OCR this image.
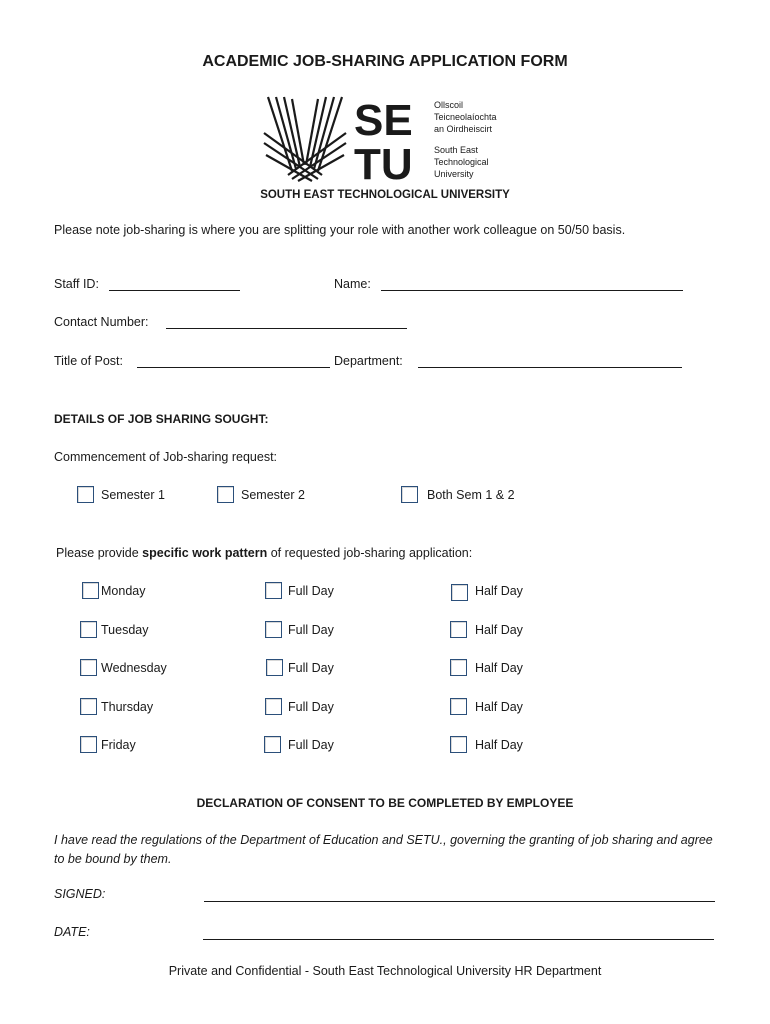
ACADEMIC JOB-SHARING APPLICATION FORM
SE
TU
Ollscoil
Teicneolaíochta
an Oirdheiscirt
South East
Technological
University
SOUTH EAST TECHNOLOGICAL UNIVERSITY
Please note job-sharing is where you are splitting your role with another work colleague on 50/50 basis.
Staff ID:	Name:
Contact Number:
Title of Post:	Department:
DETAILS OF JOB SHARING SOUGHT:
Commencement of Job-sharing request:
Semester 1	Semester 2	Both Sem 1 & 2
Please provide specific work pattern of requested job-sharing application:
Monday	Full Day	Half Day
Tuesday	Full Day	Half Day
Wednesday	Full Day	Half Day
Thursday	Full Day	Half Day
Friday	Full Day	Half Day
DECLARATION OF CONSENT TO BE COMPLETED BY EMPLOYEE
I have read the regulations of the Department of Education and SETU., governing the granting of job sharing and agree to be bound by them.
SIGNED:
DATE:
Private and Confidential - South East Technological University HR Department
